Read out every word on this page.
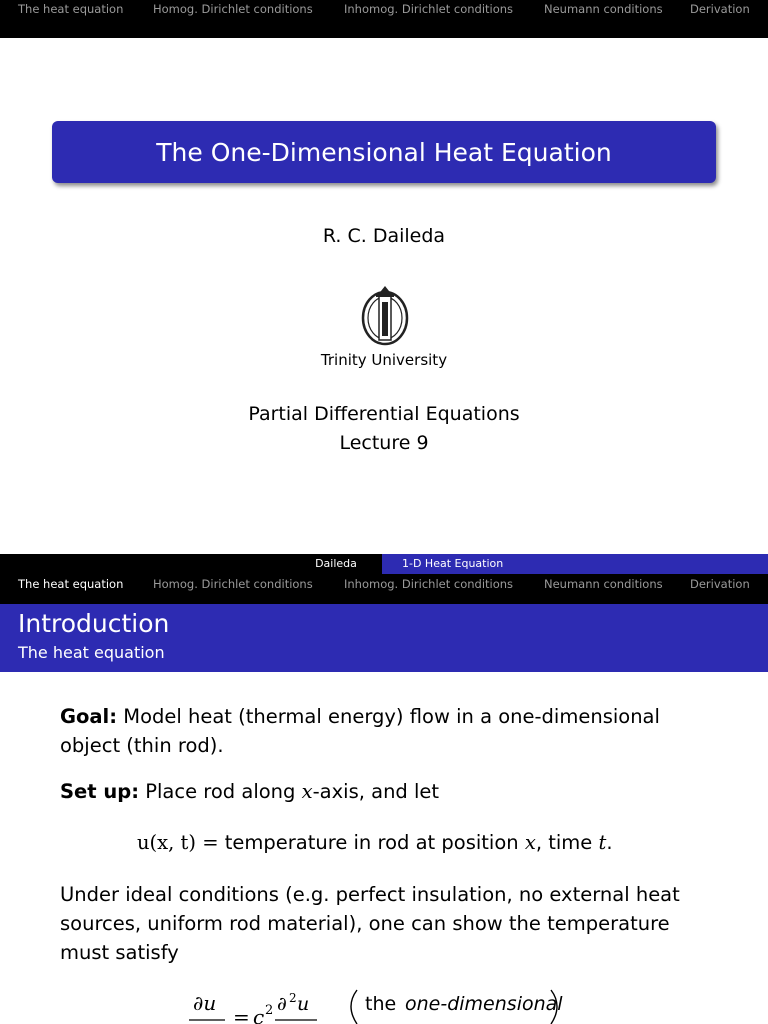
The heat equation	Homog. Dirichlet conditions	Inhomog. Dirichlet conditions	Neumann conditions Derivation
The One-Dimensional Heat Equation
R. C. Daileda
Trinity University
Partial Differential Equations
Lecture 9
Daileda	1-D Heat Equation
The heat equation	Homog. Dirichlet conditions	Inhomog. Dirichlet conditions	Neumann conditions Derivation
Introduction
The heat equation
Goal: Model heat (thermal energy) flow in a one-dimensional object (thin rod).
Set up: Place rod along x-axis, and let
u(x, t) = temperature in rod at position x, time t.
Under ideal conditions (e.g. perfect insulation, no external heat sources, uniform rod material), one can show the temperature must satisfy
∂u
= c 2 ∂ 2 u	the one-dimensional
